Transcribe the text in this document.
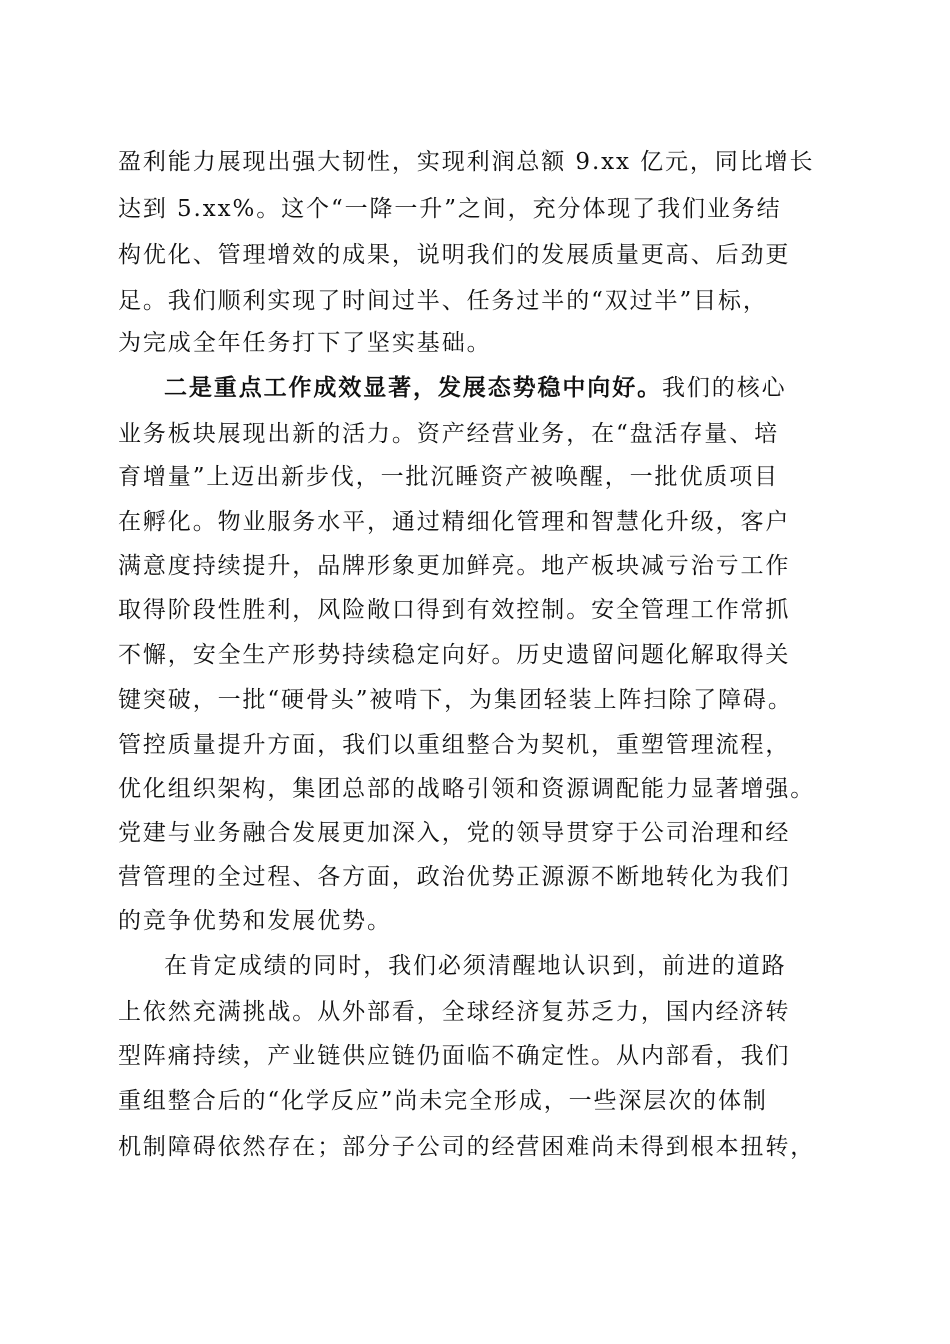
盈利能力展现出强大韧性，实现利润总额 9.xx 亿元，同比增长
达到 5.xx%。这个“一降一升”之间，充分体现了我们业务结
构优化、管理增效的成果，说明我们的发展质量更高、后劲更
足。我们顺利实现了时间过半、任务过半的“双过半”目标，
为完成全年任务打下了坚实基础。
二是重点工作成效显著，发展态势稳中向好。我们的核心
业务板块展现出新的活力。资产经营业务，在“盘活存量、培
育增量”上迈出新步伐，一批沉睡资产被唤醒，一批优质项目
在孵化。物业服务水平，通过精细化管理和智慧化升级，客户
满意度持续提升，品牌形象更加鲜亮。地产板块减亏治亏工作
取得阶段性胜利，风险敞口得到有效控制。安全管理工作常抓
不懈，安全生产形势持续稳定向好。历史遗留问题化解取得关
键突破，一批“硬骨头”被啃下，为集团轻装上阵扫除了障碍。
管控质量提升方面，我们以重组整合为契机，重塑管理流程，
优化组织架构，集团总部的战略引领和资源调配能力显著增强。
党建与业务融合发展更加深入，党的领导贯穿于公司治理和经
营管理的全过程、各方面，政治优势正源源不断地转化为我们
的竞争优势和发展优势。
在肯定成绩的同时，我们必须清醒地认识到，前进的道路
上依然充满挑战。从外部看，全球经济复苏乏力，国内经济转
型阵痛持续，产业链供应链仍面临不确定性。从内部看，我们
重组整合后的“化学反应”尚未完全形成，一些深层次的体制
机制障碍依然存在；部分子公司的经营困难尚未得到根本扭转，
